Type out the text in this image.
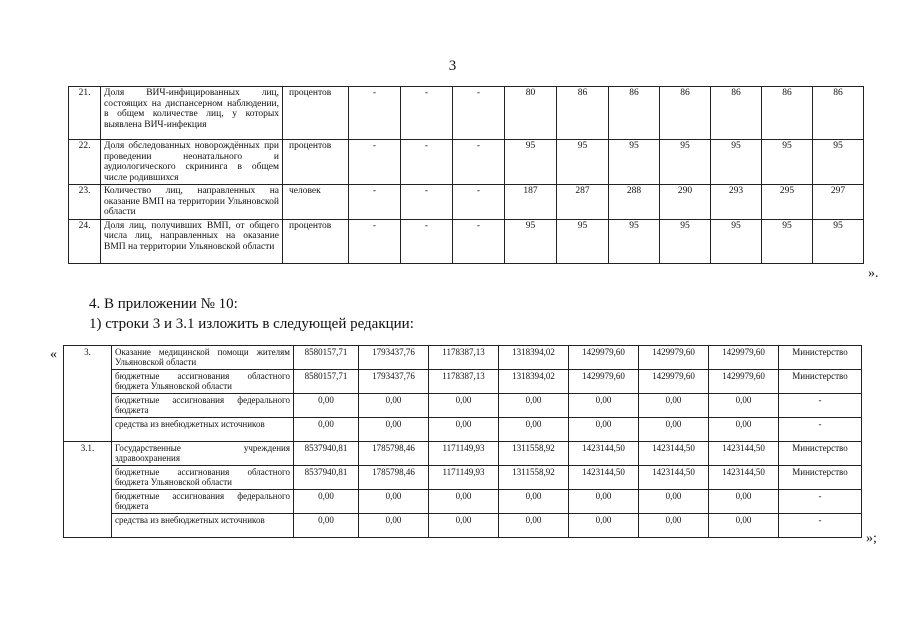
3
21.	Доля ВИЧ-инфицированных лиц, состоящих на диспансерном наблюдении, в общем количестве лиц, у которых выявлена ВИЧ-инфекция	процентов	-	-	-	80	86	86	86	86	86	86
22.	Доля обследованных новорождённых при проведении неонатального и аудиологического скрининга в общем числе родившихся	процентов	-	-	-	95	95	95	95	95	95	95
23.	Количество лиц, направленных на оказание ВМП на территории Ульяновской области	человек	-	-	-	187	287	288	290	293	295	297
24.	Доля лиц, получивших ВМП, от общего числа лиц, направленных на оказание ВМП на территории Ульяновской области	процентов	-	-	-	95	95	95	95	95	95	95
».
4. В приложении № 10:
1) строки 3 и 3.1 изложить в следующей редакции:
«	3.	Оказание медицинской помощи жителям Ульяновской области	8580157,71	1793437,76	1178387,13	1318394,02	1429979,60	1429979,60	1429979,60	Министерство
	бюджетные ассигнования областного бюджета Ульяновской области	8580157,71	1793437,76	1178387,13	1318394,02	1429979,60	1429979,60	1429979,60	Министерство
	бюджетные ассигнования федерального бюджета	0,00	0,00	0,00	0,00	0,00	0,00	0,00	-
	средства из внебюджетных источников	0,00	0,00	0,00	0,00	0,00	0,00	0,00	-
3.1.	Государственные учреждения здравоохранения	8537940,81	1785798,46	1171149,93	1311558,92	1423144,50	1423144,50	1423144,50	Министерство
	бюджетные ассигнования областного бюджета Ульяновской области	8537940,81	1785798,46	1171149,93	1311558,92	1423144,50	1423144,50	1423144,50	Министерство
	бюджетные ассигнования федерального бюджета	0,00	0,00	0,00	0,00	0,00	0,00	0,00	-
	средства из внебюджетных источников	0,00	0,00	0,00	0,00	0,00	0,00	0,00	-
»;
